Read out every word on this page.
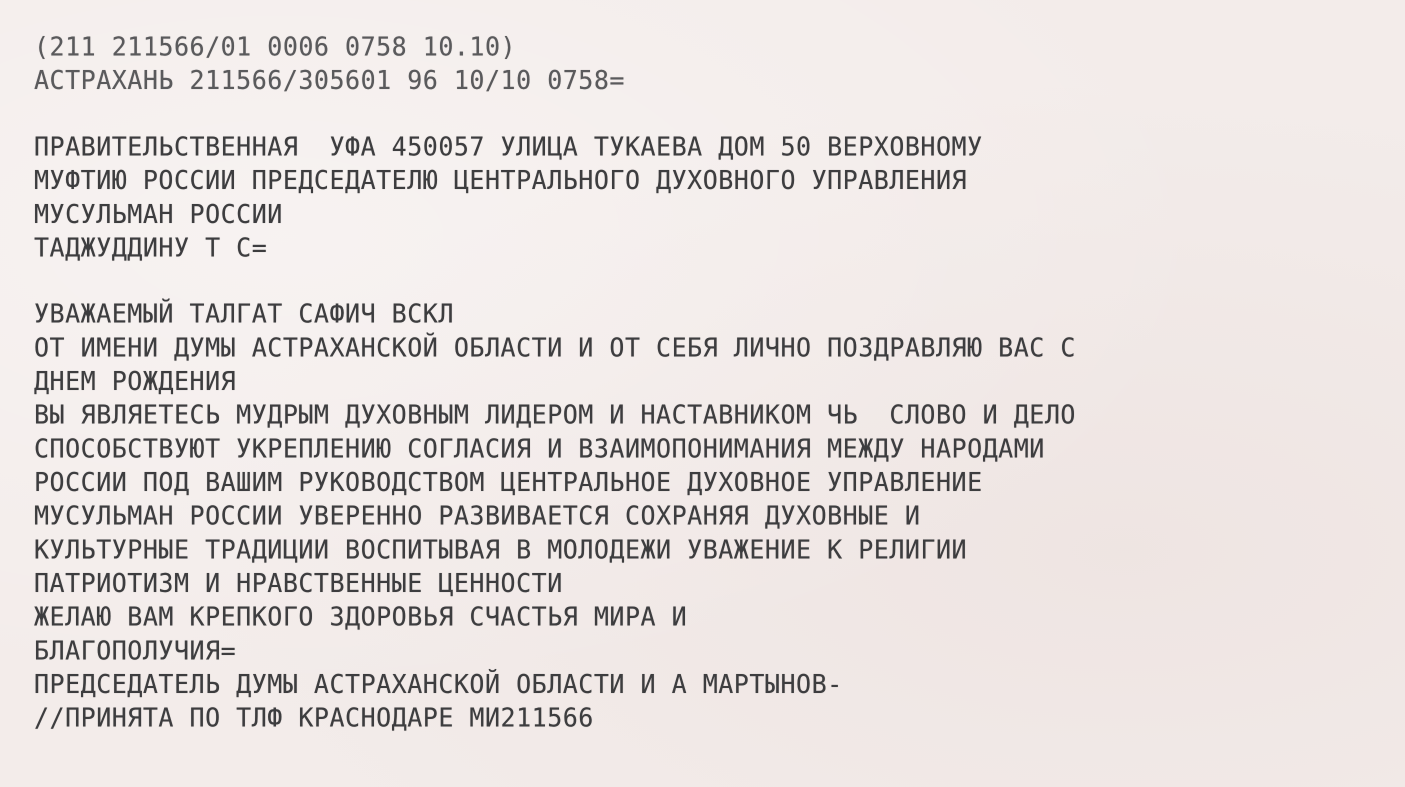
(211 211566/01 0006 0758 10.10)
АСТРАХАНЬ 211566/305601 96 10/10 0758=
ПРАВИТЕЛЬСТВЕННАЯ  УФА 450057 УЛИЦА ТУКАЕВА ДОМ 50 ВЕРХОВНОМУ
МУФТИЮ РОССИИ ПРЕДСЕДАТЕЛЮ ЦЕНТРАЛЬНОГО ДУХОВНОГО УПРАВЛЕНИЯ
МУСУЛЬМАН РОССИИ
ТАДЖУДДИНУ Т С=
УВАЖАЕМЫЙ ТАЛГАТ САФИЧ ВСКЛ
ОТ ИМЕНИ ДУМЫ АСТРАХАНСКОЙ ОБЛАСТИ И ОТ СЕБЯ ЛИЧНО ПОЗДРАВЛЯЮ ВАС С
ДНЕМ РОЖДЕНИЯ
ВЫ ЯВЛЯЕТЕСЬ МУДРЫМ ДУХОВНЫМ ЛИДЕРОМ И НАСТАВНИКОМ ЧЬ  СЛОВО И ДЕЛО
СПОСОБСТВУЮТ УКРЕПЛЕНИЮ СОГЛАСИЯ И ВЗАИМОПОНИМАНИЯ МЕЖДУ НАРОДАМИ
РОССИИ ПОД ВАШИМ РУКОВОДСТВОМ ЦЕНТРАЛЬНОЕ ДУХОВНОЕ УПРАВЛЕНИЕ
МУСУЛЬМАН РОССИИ УВЕРЕННО РАЗВИВАЕТСЯ СОХРАНЯЯ ДУХОВНЫЕ И
КУЛЬТУРНЫЕ ТРАДИЦИИ ВОСПИТЫВАЯ В МОЛОДЕЖИ УВАЖЕНИЕ К РЕЛИГИИ
ПАТРИОТИЗМ И НРАВСТВЕННЫЕ ЦЕННОСТИ
ЖЕЛАЮ ВАМ КРЕПКОГО ЗДОРОВЬЯ СЧАСТЬЯ МИРА И
БЛАГОПОЛУЧИЯ=
ПРЕДСЕДАТЕЛЬ ДУМЫ АСТРАХАНСКОЙ ОБЛАСТИ И А МАРТЫНОВ-
//ПРИНЯТА ПО ТЛФ КРАСНОДАРЕ МИ211566
